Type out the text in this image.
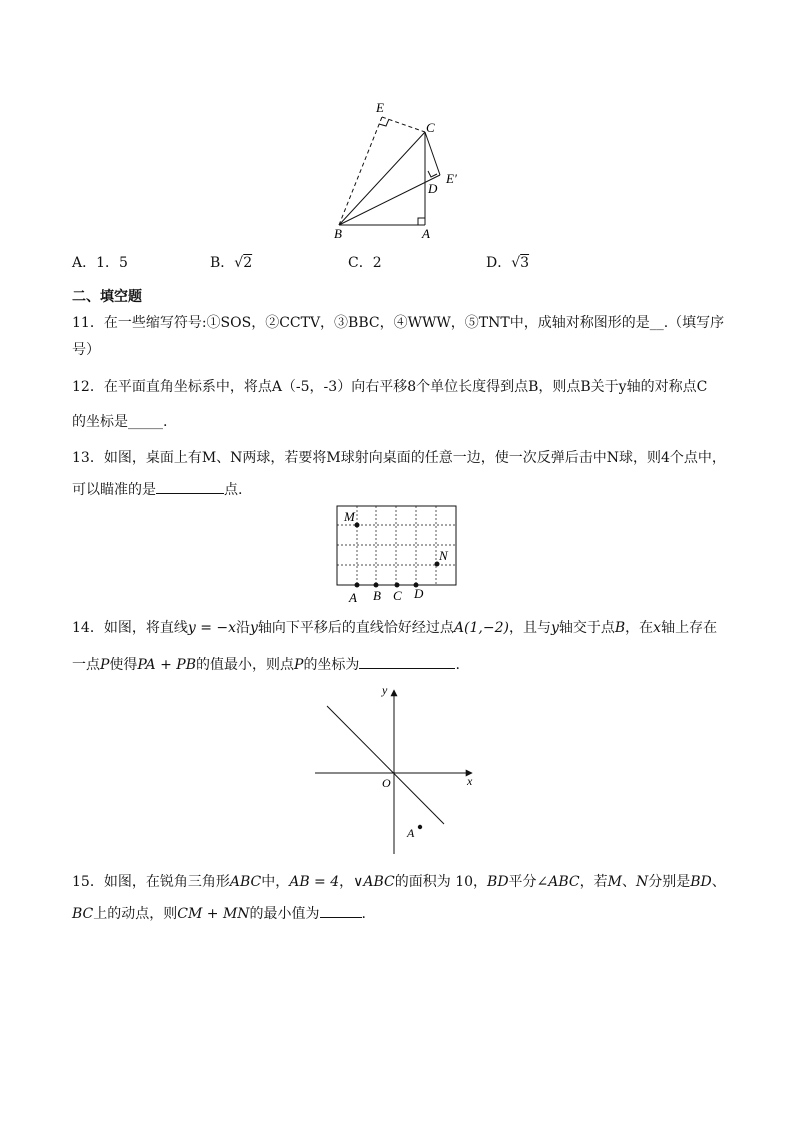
E
C
E′
D
B	A
A．1．5	B．√2	C．2	D．√3
二、填空题
11．在一些缩写符号:①SOS，②CCTV，③BBC，④WWW，⑤TNT中，成轴对称图形的是__.（填写序
号）
12．在平面直角坐标系中，将点A（-5，-3）向右平移8个单位长度得到点B，则点B关于y轴的对称点C
的坐标是_____.
13．如图，桌面上有M、N两球，若要将M球射向桌面的任意一边，使一次反弹后击中N球，则4个点中，
可以瞄准的是	点.
M
N
A B C D
14．如图，将直线y = −x沿y轴向下平移后的直线恰好经过点A(1,−2)，且与y轴交于点B，在x轴上存在
一点P使得PA + PB的值最小，则点P的坐标为	.
y
x
O
A
15．如图，在锐角三角形ABC中，AB = 4，∨ABC的面积为 10，BD平分∠ABC，若M、N分别是BD、
BC上的动点，则CM + MN的最小值为	.
